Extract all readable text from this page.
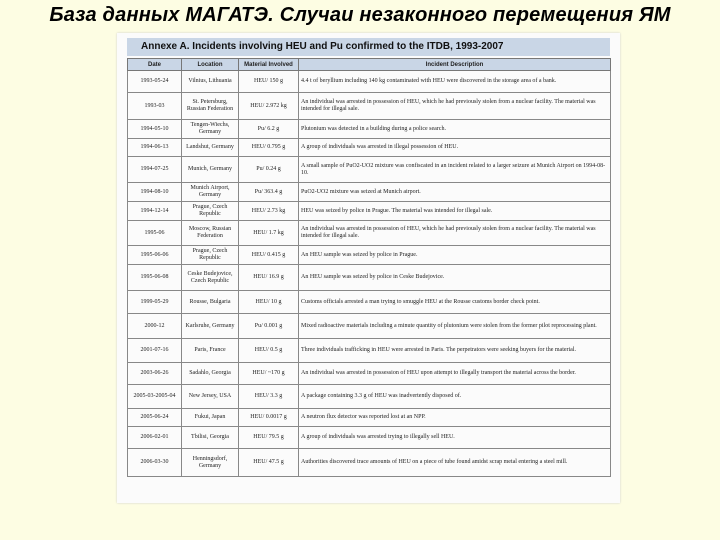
База данных МАГАТЭ. Случаи незаконного перемещения ЯМ
Annexe A. Incidents involving HEU and Pu confirmed to the ITDB, 1993-2007
Date	Location	Material Involved	Incident Description
1993-05-24	Vilnius, Lithuania	HEU/ 150 g	4.4 t of beryllium including 140 kg contaminated with HEU were discovered in the storage area of a bank.
1993-03	St. Petersburg, Russian Federation	HEU/ 2.972 kg	An individual was arrested in possession of HEU, which he had previously stolen from a nuclear facility. The material was intended for illegal sale.
1994-05-10	Tengen-Wiechs, Germany	Pu/ 6.2 g	Plutonium was detected in a building during a police search.
1994-06-13	Landshut, Germany	HEU/ 0.795 g	A group of individuals was arrested in illegal possession of HEU.
1994-07-25	Munich, Germany	Pu/ 0.24 g	A small sample of PuO2-UO2 mixture was confiscated in an incident related to a larger seizure at Munich Airport on 1994-08-10.
1994-08-10	Munich Airport, Germany	Pu/ 363.4 g	PuO2-UO2 mixture was seized at Munich airport.
1994-12-14	Prague, Czech Republic	HEU/ 2.73 kg	HEU was seized by police in Prague. The material was intended for illegal sale.
1995-06	Moscow, Russian Federation	HEU/ 1.7 kg	An individual was arrested in possession of HEU, which he had previously stolen from a nuclear facility. The material was intended for illegal sale.
1995-06-06	Prague, Czech Republic	HEU/ 0.415 g	An HEU sample was seized by police in Prague.
1995-06-08	Ceske Budejovice, Czech Republic	HEU/ 16.9 g	An HEU sample was seized by police in Ceske Budejovice.
1999-05-29	Rousse, Bulgaria	HEU/ 10 g	Customs officials arrested a man trying to smuggle HEU at the Rousse customs border check point.
2000-12	Karlsruhe, Germany	Pu/ 0.001 g	Mixed radioactive materials including a minute quantity of plutonium were stolen from the former pilot reprocessing plant.
2001-07-16	Paris, France	HEU/ 0.5 g	Three individuals trafficking in HEU were arrested in Paris. The perpetrators were seeking buyers for the material.
2003-06-26	Sadahlo, Georgia	HEU/ ~170 g	An individual was arrested in possession of HEU upon attempt to illegally transport the material across the border.
2005-03-2005-04	New Jersey, USA	HEU/ 3.3 g	A package containing 3.3 g of HEU was inadvertently disposed of.
2005-06-24	Fukui, Japan	HEU/ 0.0017 g	A neutron flux detector was reported lost at an NPP.
2006-02-01	Tbilisi, Georgia	HEU/ 79.5 g	A group of individuals was arrested trying to illegally sell HEU.
2006-03-30	Henningsdorf, Germany	HEU/ 47.5 g	Authorities discovered trace amounts of HEU on a piece of tube found amidst scrap metal entering a steel mill.
